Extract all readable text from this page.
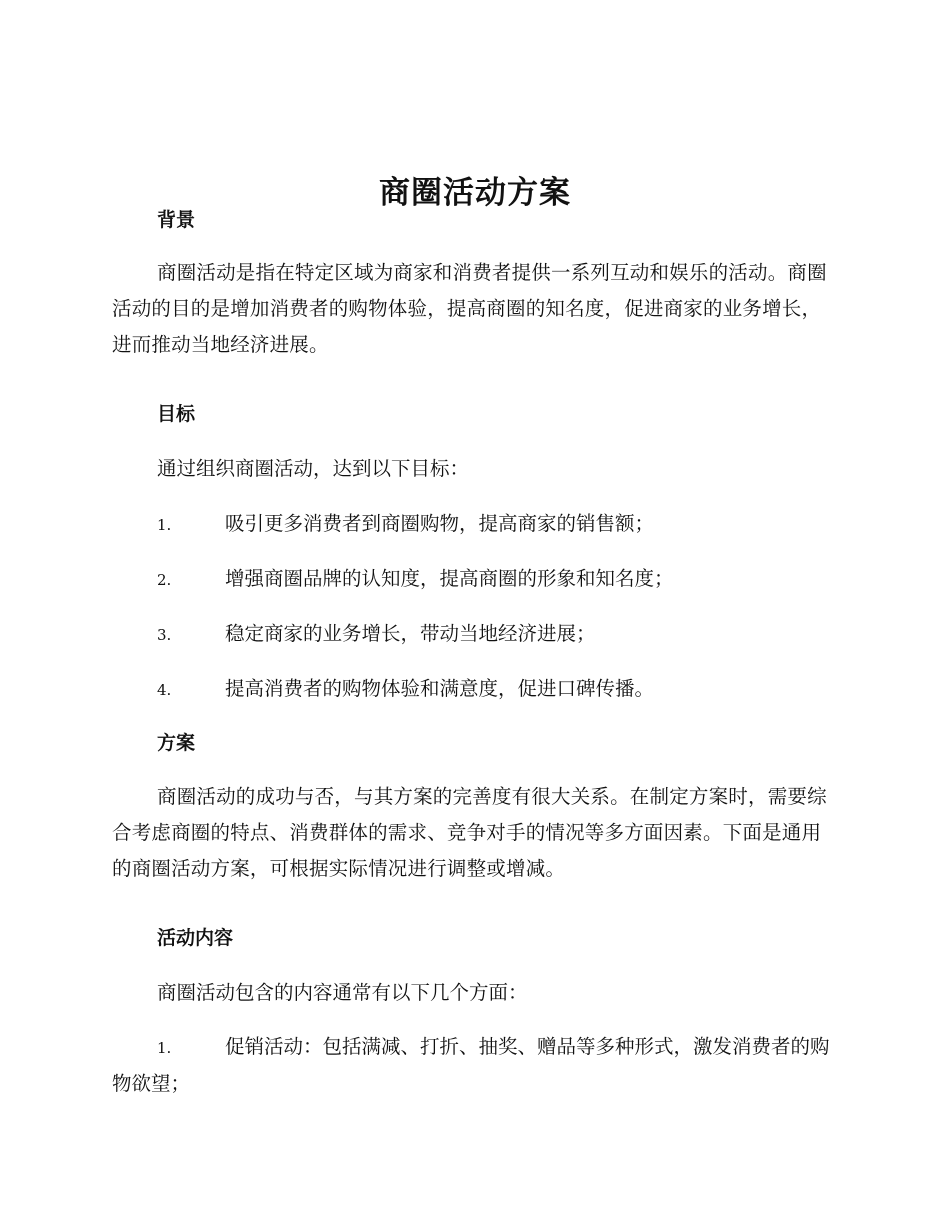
商圈活动方案
背景

商圈活动是指在特定区域为商家和消费者提供一系列互动和娱乐的活动。商圈活动的目的是增加消费者的购物体验，提高商圈的知名度，促进商家的业务增长，进而推动当地经济进展。

目标

通过组织商圈活动，达到以下目标：

1.	吸引更多消费者到商圈购物，提高商家的销售额；

2.	增强商圈品牌的认知度，提高商圈的形象和知名度；

3.	稳定商家的业务增长，带动当地经济进展；

4.	提高消费者的购物体验和满意度，促进口碑传播。

方案

商圈活动的成功与否，与其方案的完善度有很大关系。在制定方案时，需要综合考虑商圈的特点、消费群体的需求、竞争对手的情况等多方面因素。下面是通用的商圈活动方案，可根据实际情况进行调整或增减。

活动内容

商圈活动包含的内容通常有以下几个方面：

1.	促销活动：包括满减、打折、抽奖、赠品等多种形式，激发消费者的购物欲望；
